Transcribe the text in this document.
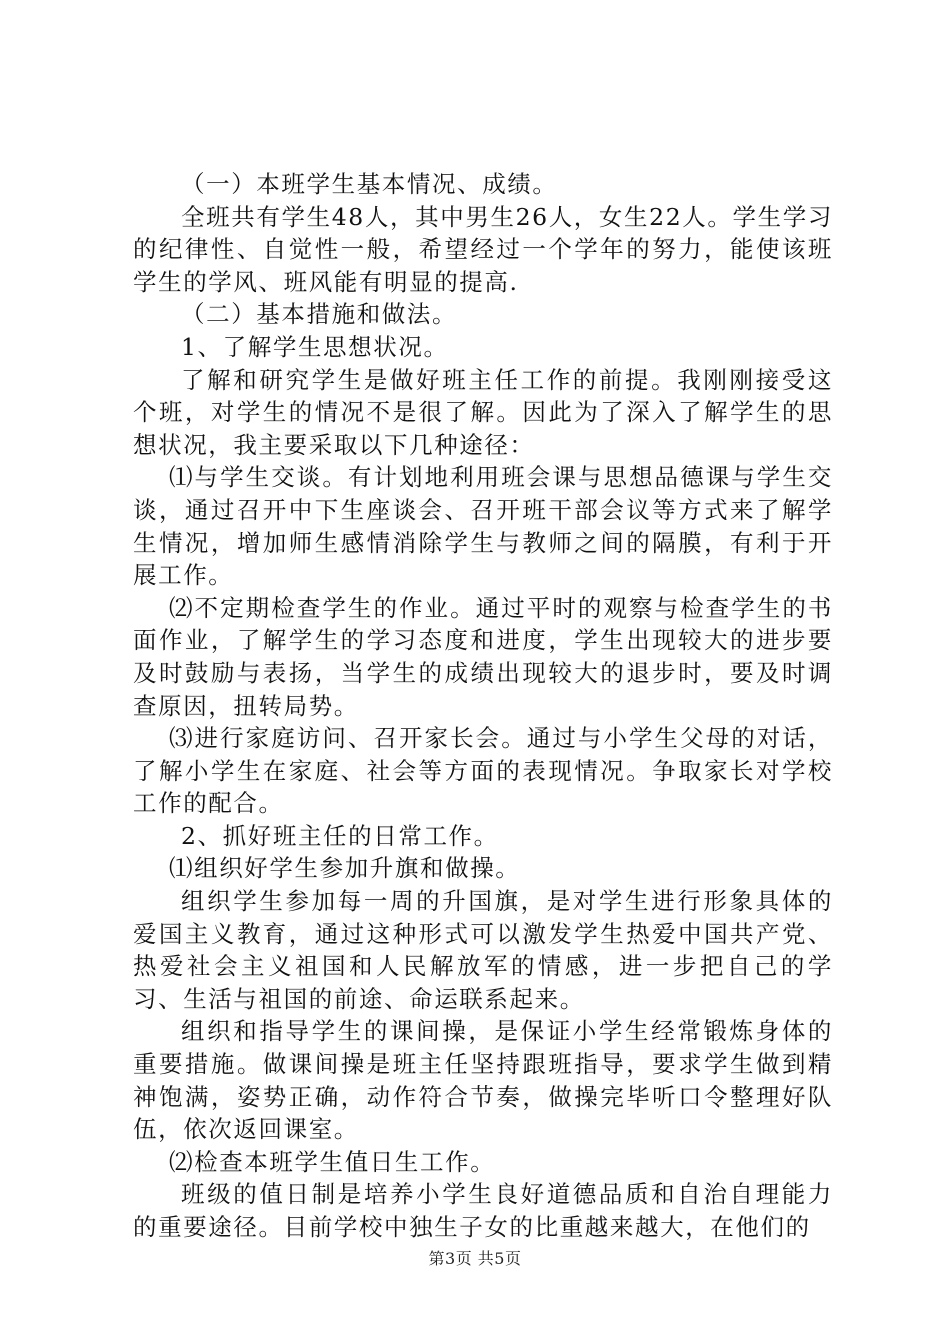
（一）本班学生基本情况、成绩。

全班共有学生48人，其中男生26人，女生22人。学生学习的纪律性、自觉性一般，希望经过一个学年的努力，能使该班学生的学风、班风能有明显的提高.

（二）基本措施和做法。

1、了解学生思想状况。

了解和研究学生是做好班主任工作的前提。我刚刚接受这个班，对学生的情况不是很了解。因此为了深入了解学生的思想状况，我主要采取以下几种途径：

⑴与学生交谈。有计划地利用班会课与思想品德课与学生交谈，通过召开中下生座谈会、召开班干部会议等方式来了解学生情况，增加师生感情消除学生与教师之间的隔膜，有利于开展工作。

⑵不定期检查学生的作业。通过平时的观察与检查学生的书面作业，了解学生的学习态度和进度，学生出现较大的进步要及时鼓励与表扬，当学生的成绩出现较大的退步时，要及时调查原因，扭转局势。

⑶进行家庭访问、召开家长会。通过与小学生父母的对话，了解小学生在家庭、社会等方面的表现情况。争取家长对学校工作的配合。

2、抓好班主任的日常工作。

⑴组织好学生参加升旗和做操。

组织学生参加每一周的升国旗，是对学生进行形象具体的爱国主义教育，通过这种形式可以激发学生热爱中国共产党、热爱社会主义祖国和人民解放军的情感，进一步把自己的学习、生活与祖国的前途、命运联系起来。

组织和指导学生的课间操，是保证小学生经常锻炼身体的重要措施。做课间操是班主任坚持跟班指导，要求学生做到精神饱满，姿势正确，动作符合节奏，做操完毕听口令整理好队伍，依次返回课室。

⑵检查本班学生值日生工作。

班级的值日制是培养小学生良好道德品质和自治自理能力的重要途径。目前学校中独生子女的比重越来越大，在他们的

第3页 共5页
